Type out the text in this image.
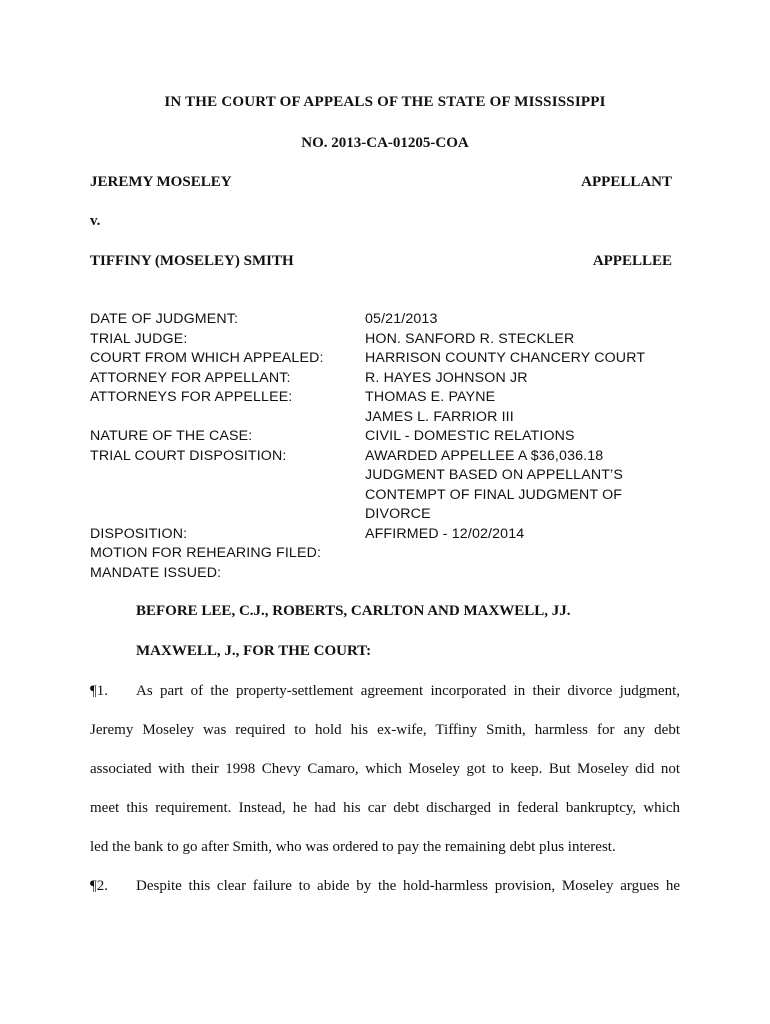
IN THE COURT OF APPEALS OF THE STATE OF MISSISSIPPI
NO. 2013-CA-01205-COA
JEREMY MOSELEY	APPELLANT
v.
TIFFINY (MOSELEY) SMITH	APPELLEE
DATE OF JUDGMENT:	05/21/2013
TRIAL JUDGE:	HON. SANFORD R. STECKLER
COURT FROM WHICH APPEALED:	HARRISON COUNTY CHANCERY COURT
ATTORNEY FOR APPELLANT:	R. HAYES JOHNSON JR
ATTORNEYS FOR APPELLEE:	THOMAS E. PAYNE
JAMES L. FARRIOR III
NATURE OF THE CASE:	CIVIL - DOMESTIC RELATIONS
TRIAL COURT DISPOSITION:	AWARDED APPELLEE A $36,036.18
JUDGMENT BASED ON APPELLANT’S
CONTEMPT OF FINAL JUDGMENT OF
DIVORCE
DISPOSITION:	AFFIRMED - 12/02/2014
MOTION FOR REHEARING FILED:
MANDATE ISSUED:
BEFORE LEE, C.J., ROBERTS, CARLTON AND MAXWELL, JJ.
MAXWELL, J., FOR THE COURT:
¶1.	As part of the property-settlement agreement incorporated in their divorce judgment,
Jeremy Moseley was required to hold his ex-wife, Tiffiny Smith, harmless for any debt
associated with their 1998 Chevy Camaro, which Moseley got to keep. But Moseley did not
meet this requirement. Instead, he had his car debt discharged in federal bankruptcy, which
led the bank to go after Smith, who was ordered to pay the remaining debt plus interest.
¶2.	Despite this clear failure to abide by the hold-harmless provision, Moseley argues he
